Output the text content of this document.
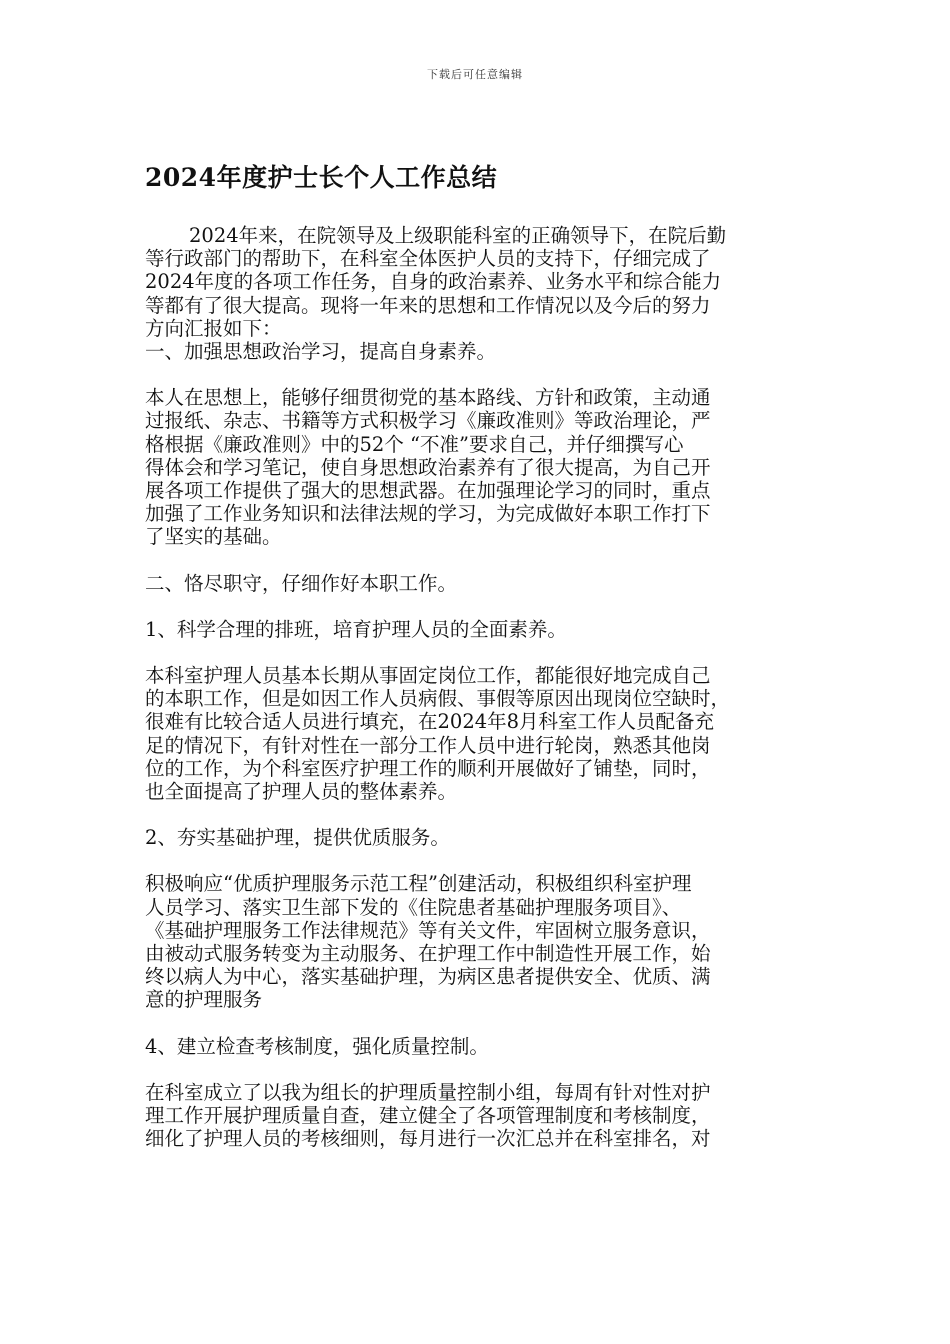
下载后可任意编辑
2024年度护士长个人工作总结

2024年来，在院领导及上级职能科室的正确领导下，在院后勤
等行政部门的帮助下，在科室全体医护人员的支持下，仔细完成了
2024年度的各项工作任务，自身的政治素养、业务水平和综合能力
等都有了很大提高。现将一年来的思想和工作情况以及今后的努力
方向汇报如下：

一、加强思想政治学习，提高自身素养。

本人在思想上，能够仔细贯彻党的基本路线、方针和政策，主动通
过报纸、杂志、书籍等方式积极学习《廉政准则》等政治理论，严
格根据《廉政准则》中的52个 “不准”要求自己，并仔细撰写心
得体会和学习笔记，使自身思想政治素养有了很大提高，为自己开
展各项工作提供了强大的思想武器。在加强理论学习的同时，重点
加强了工作业务知识和法律法规的学习，为完成做好本职工作打下
了坚实的基础。

二、恪尽职守，仔细作好本职工作。

1、科学合理的排班，培育护理人员的全面素养。

本科室护理人员基本长期从事固定岗位工作，都能很好地完成自己
的本职工作，但是如因工作人员病假、事假等原因出现岗位空缺时，
很难有比较合适人员进行填充，在2024年8月科室工作人员配备充
足的情况下，有针对性在一部分工作人员中进行轮岗，熟悉其他岗
位的工作，为个科室医疗护理工作的顺利开展做好了铺垫，同时，
也全面提高了护理人员的整体素养。

2、夯实基础护理，提供优质服务。

积极响应“优质护理服务示范工程”创建活动，积极组织科室护理
人员学习、落实卫生部下发的《住院患者基础护理服务项目》、
《基础护理服务工作法律规范》等有关文件，牢固树立服务意识，
由被动式服务转变为主动服务、在护理工作中制造性开展工作，始
终以病人为中心，落实基础护理，为病区患者提供安全、优质、满
意的护理服务

4、建立检查考核制度，强化质量控制。

在科室成立了以我为组长的护理质量控制小组，每周有针对性对护
理工作开展护理质量自查，建立健全了各项管理制度和考核制度，
细化了护理人员的考核细则，每月进行一次汇总并在科室排名，对
